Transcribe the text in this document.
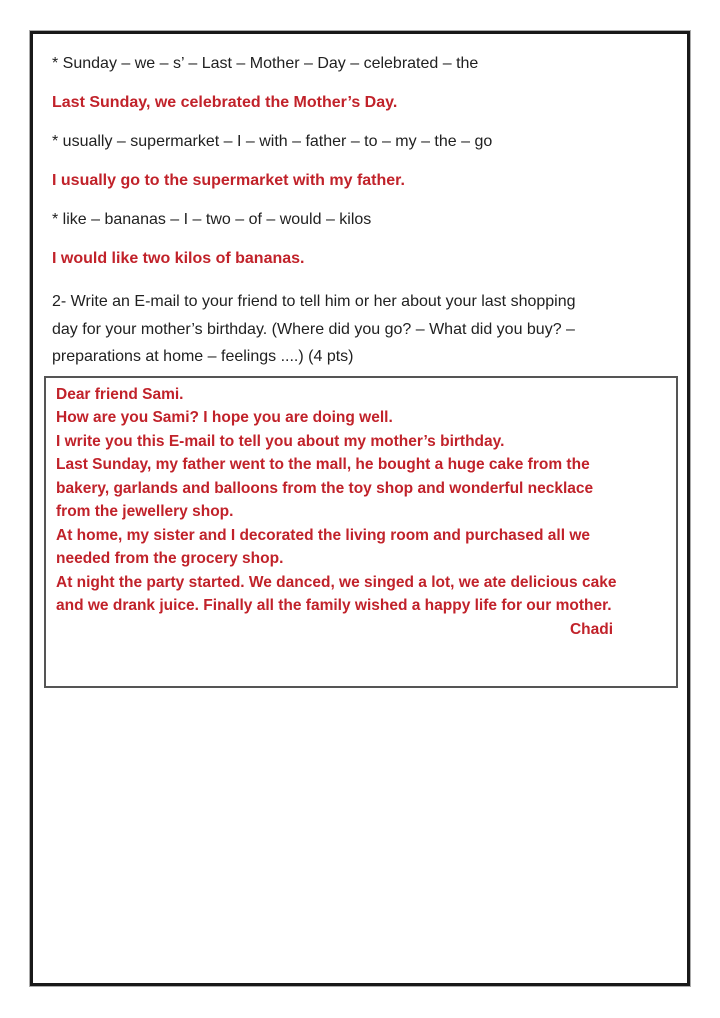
* Sunday – we – s’ – Last – Mother – Day – celebrated – the

Last Sunday, we celebrated the Mother’s Day.

* usually – supermarket – I – with – father – to – my – the – go

I usually go to the supermarket with my father.

* like – bananas – I – two – of – would – kilos

I would like two kilos of bananas.

2- Write an E-mail to your friend to tell him or her about your last shopping
day for your mother’s birthday. (Where did you go? – What did you buy? –
preparations at home – feelings ....) (4 pts)
Dear friend Sami.
How are you Sami? I hope you are doing well.
I write you this E-mail to tell you about my mother’s birthday.
Last Sunday, my father went to the mall, he bought a huge cake from the
bakery, garlands and balloons from the toy shop and wonderful necklace
from the jewellery shop.
At home, my sister and I decorated the living room and purchased all we
needed from the grocery shop.
At night the party started. We danced, we singed a lot, we ate delicious cake
and we drank juice. Finally all the family wished a happy life for our mother.
Chadi
